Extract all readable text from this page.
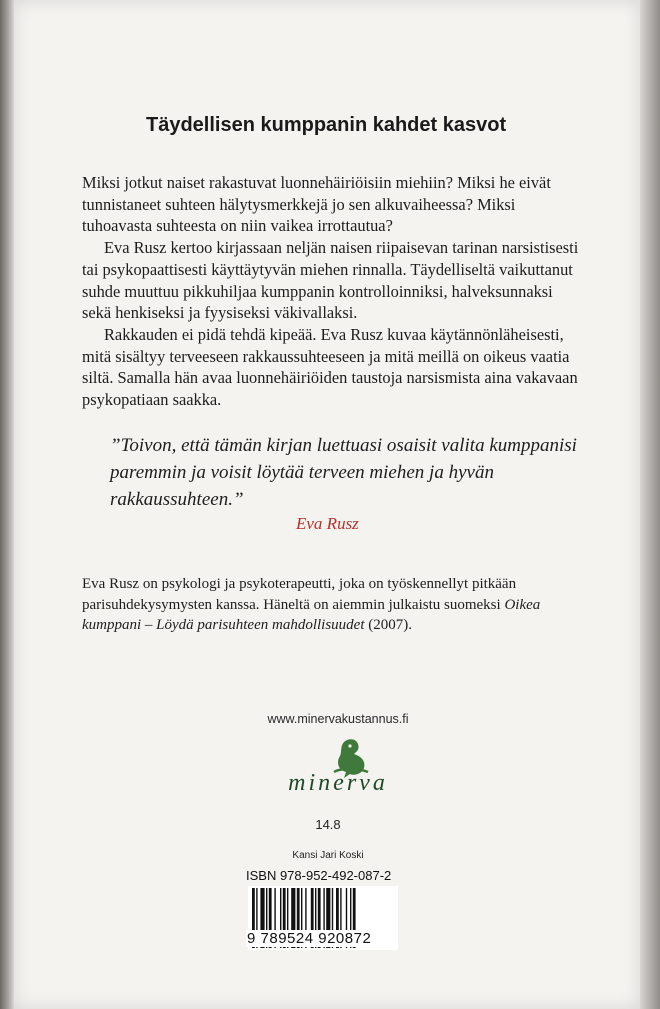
Täydellisen kumppanin kahdet kasvot

Miksi jotkut naiset rakastuvat luonnehäiriöisiin miehiin? Miksi he eivät tunnistaneet suhteen hälytysmerkkejä jo sen alkuvaiheessa? Miksi tuhoavasta suhteesta on niin vaikea irrottautua?

Eva Rusz kertoo kirjassaan neljän naisen riipaisevan tarinan narsistisesti tai psykopaattisesti käyttäytyvän miehen rinnalla. Täydelliseltä vaikuttanut suhde muuttuu pikkuhiljaa kumppanin kontrolloinniksi, halveksunnaksi sekä henkiseksi ja fyysiseksi väkivallaksi.

Rakkauden ei pidä tehdä kipeää. Eva Rusz kuvaa käytännönläheisesti, mitä sisältyy terveeseen rakkaussuhteeseen ja mitä meillä on oikeus vaatia siltä. Samalla hän avaa luonnehäiriöiden taustoja narsismista aina vakavaan psykopatiaan saakka.

”Toivon, että tämän kirjan luettuasi osaisit valita kumppanisi paremmin ja voisit löytää terveen miehen ja hyvän rakkaussuhteen.”

Eva Rusz

Eva Rusz on psykologi ja psykoterapeutti, joka on työskennellyt pitkään parisuhdekysymysten kanssa. Häneltä on aiemmin julkaistu suomeksi Oikea kumppani – Löydä parisuhteen mahdollisuudet (2007).

www.minervakustannus.fi
minerva
14.8
Kansi Jari Koski
ISBN 978-952-492-087-2
9 789524 920872
